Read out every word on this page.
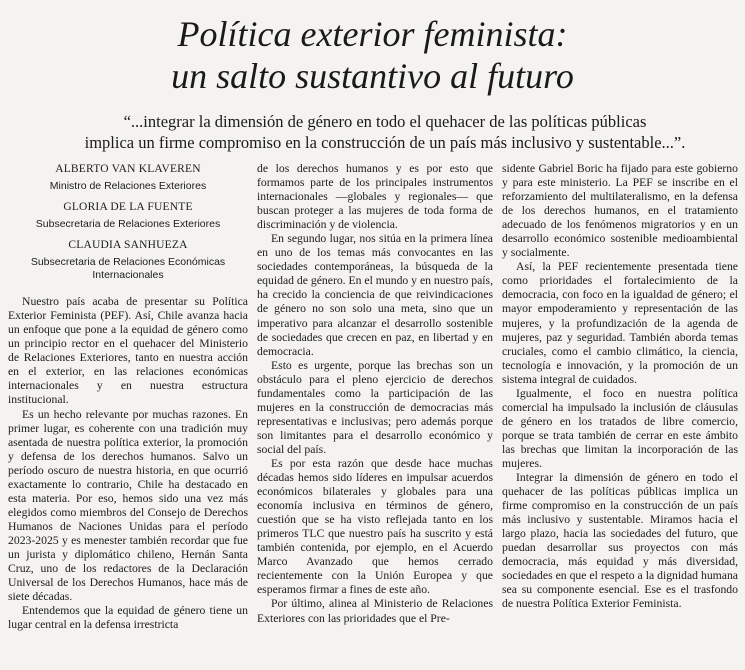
Política exterior feminista:
un salto sustantivo al futuro
“...integrar la dimensión de género en todo el quehacer de las políticas públicas
implica un firme compromiso en la construcción de un país más inclusivo y sustentable...”.
ALBERTO VAN KLAVEREN
Ministro de Relaciones Exteriores
GLORIA DE LA FUENTE
Subsecretaria de Relaciones Exteriores
CLAUDIA SANHUEZA
Subsecretaria de Relaciones Económicas Internacionales

Nuestro país acaba de presentar su Política Exterior Feminista (PEF). Así, Chile avanza hacia un enfoque que pone a la equidad de género como un principio rector en el quehacer del Ministerio de Relaciones Exteriores, tanto en nuestra acción en el exterior, en las relaciones económicas internacionales y en nuestra estructura institucional.

Es un hecho relevante por muchas razones. En primer lugar, es coherente con una tradición muy asentada de nuestra política exterior, la promoción y defensa de los derechos humanos. Salvo un período oscuro de nuestra historia, en que ocurrió exactamente lo contrario, Chile ha destacado en esta materia. Por eso, hemos sido una vez más elegidos como miembros del Consejo de Derechos Humanos de Naciones Unidas para el período 2023-2025 y es menester también recordar que fue un jurista y diplomático chileno, Hernán Santa Cruz, uno de los redactores de la Declaración Universal de los Derechos Humanos, hace más de siete décadas.

Entendemos que la equidad de género tiene un lugar central en la defensa irrestricta

de los derechos humanos y es por esto que formamos parte de los principales instrumentos internacionales —globales y regionales— que buscan proteger a las mujeres de toda forma de discriminación y de violencia.

En segundo lugar, nos sitúa en la primera línea en uno de los temas más convocantes en las sociedades contemporáneas, la búsqueda de la equidad de género. En el mundo y en nuestro país, ha crecido la conciencia de que reivindicaciones de género no son solo una meta, sino que un imperativo para alcanzar el desarrollo sostenible de sociedades que crecen en paz, en libertad y en democracia.

Esto es urgente, porque las brechas son un obstáculo para el pleno ejercicio de derechos fundamentales como la participación de las mujeres en la construcción de democracias más representativas e inclusivas; pero además porque son limitantes para el desarrollo económico y social del país.

Es por esta razón que desde hace muchas décadas hemos sido líderes en impulsar acuerdos económicos bilaterales y globales para una economía inclusiva en términos de género, cuestión que se ha visto reflejada tanto en los primeros TLC que nuestro país ha suscrito y está también contenida, por ejemplo, en el Acuerdo Marco Avanzado que hemos cerrado recientemente con la Unión Europea y que esperamos firmar a fines de este año.

Por último, alinea al Ministerio de Relaciones Exteriores con las prioridades que el Pre-

sidente Gabriel Boric ha fijado para este gobierno y para este ministerio. La PEF se inscribe en el reforzamiento del multilateralismo, en la defensa de los derechos humanos, en el tratamiento adecuado de los fenómenos migratorios y en un desarrollo económico sostenible medioambiental y socialmente.

Así, la PEF recientemente presentada tiene como prioridades el fortalecimiento de la democracia, con foco en la igualdad de género; el mayor empoderamiento y representación de las mujeres, y la profundización de la agenda de mujeres, paz y seguridad. También aborda temas cruciales, como el cambio climático, la ciencia, tecnología e innovación, y la promoción de un sistema integral de cuidados.

Igualmente, el foco en nuestra política comercial ha impulsado la inclusión de cláusulas de género en los tratados de libre comercio, porque se trata también de cerrar en este ámbito las brechas que limitan la incorporación de las mujeres.

Integrar la dimensión de género en todo el quehacer de las políticas públicas implica un firme compromiso en la construcción de un país más inclusivo y sustentable. Miramos hacia el largo plazo, hacia las sociedades del futuro, que puedan desarrollar sus proyectos con más democracia, más equidad y más diversidad, sociedades en que el respeto a la dignidad humana sea su componente esencial. Ese es el trasfondo de nuestra Política Exterior Feminista.
